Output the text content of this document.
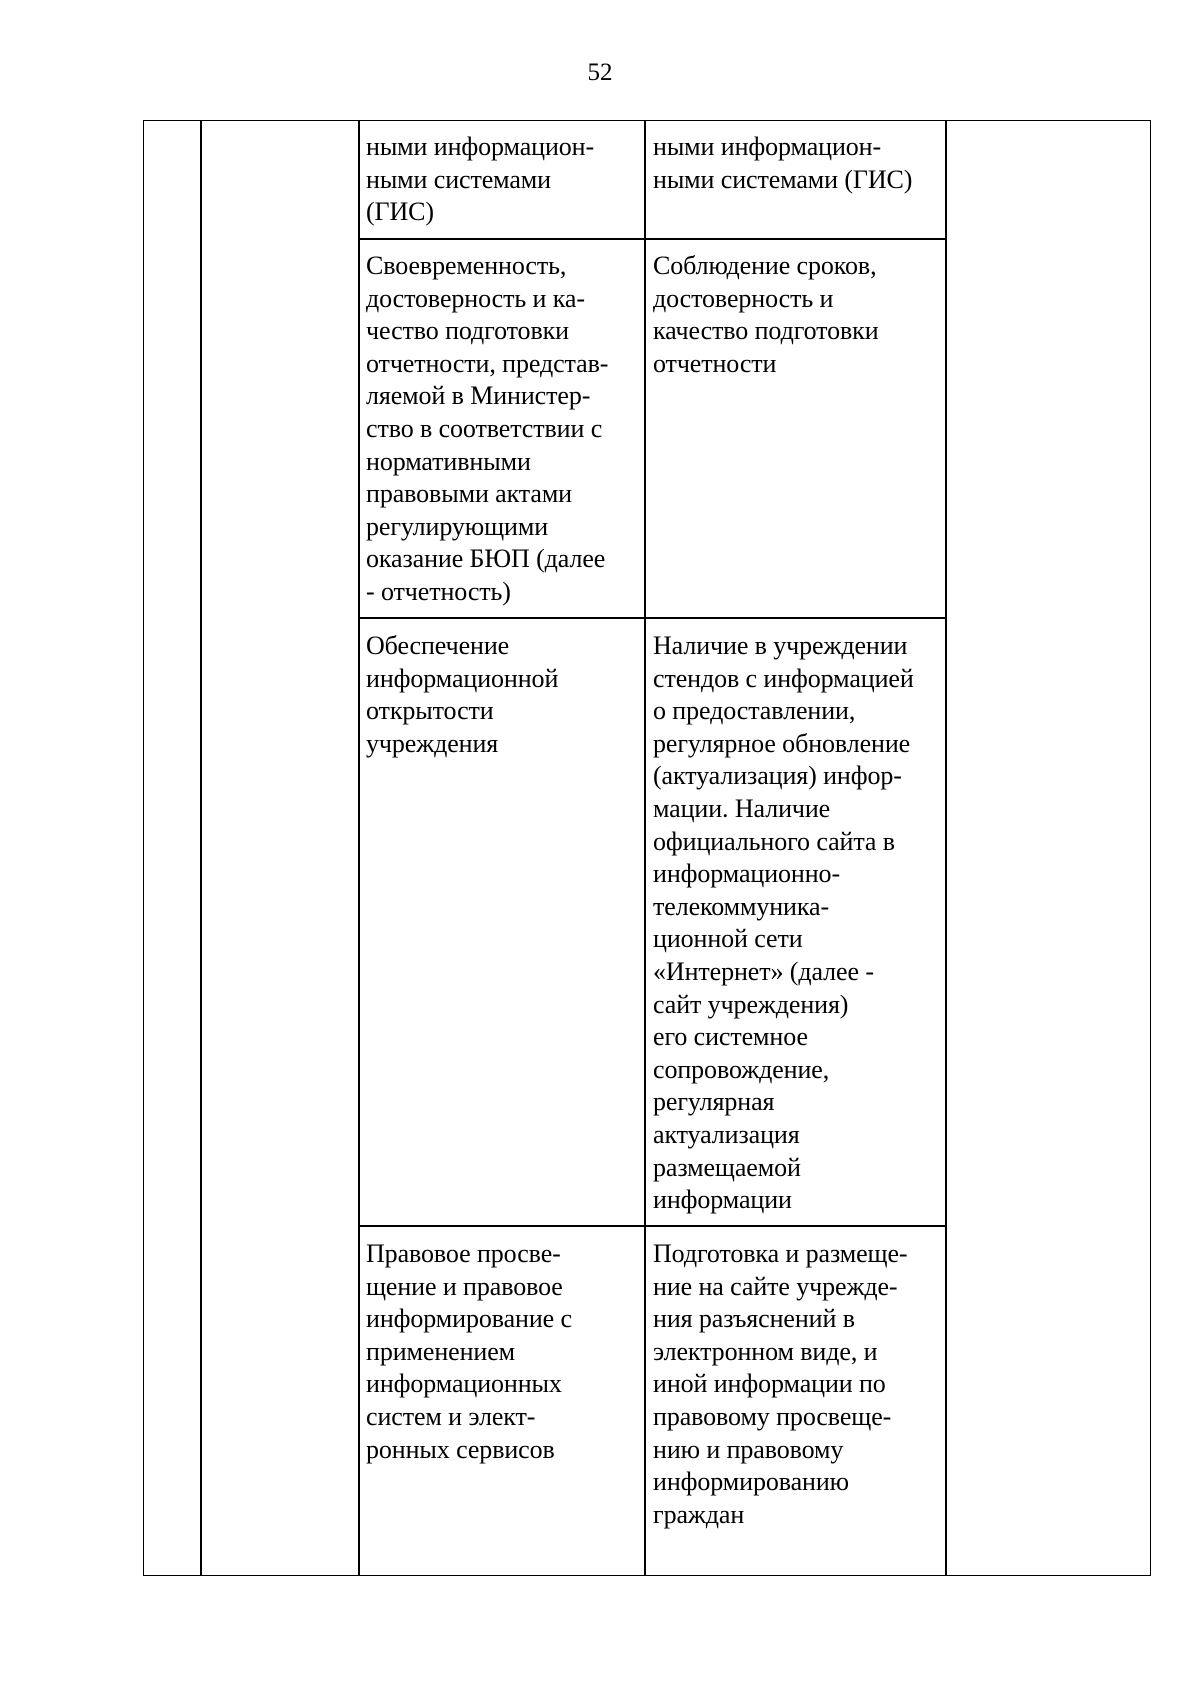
52
ными информацион-
ными системами
(ГИС)
ными информацион-
ными системами (ГИС)
Своевременность,
достоверность и ка-
чество подготовки
отчетности, представ-
ляемой в Министер-
ство в соответствии с
нормативными
правовыми актами
регулирующими
оказание БЮП (далее
- отчетность)
Соблюдение сроков,
достоверность и
качество подготовки
отчетности
Обеспечение
информационной
открытости
учреждения
Наличие в учреждении
стендов с информацией
о предоставлении,
регулярное обновление
(актуализация) инфор-
мации. Наличие
официального сайта в
информационно-
телекоммуника-
ционной сети
«Интернет» (далее -
сайт учреждения)
его системное
сопровождение,
регулярная
актуализация
размещаемой
информации
Правовое просве-
щение и правовое
информирование с
применением
информационных
систем и элект-
ронных сервисов
Подготовка и размеще-
ние на сайте учрежде-
ния разъяснений в
электронном виде, и
иной информации по
правовому просвеще-
нию и правовому
информированию
граждан
